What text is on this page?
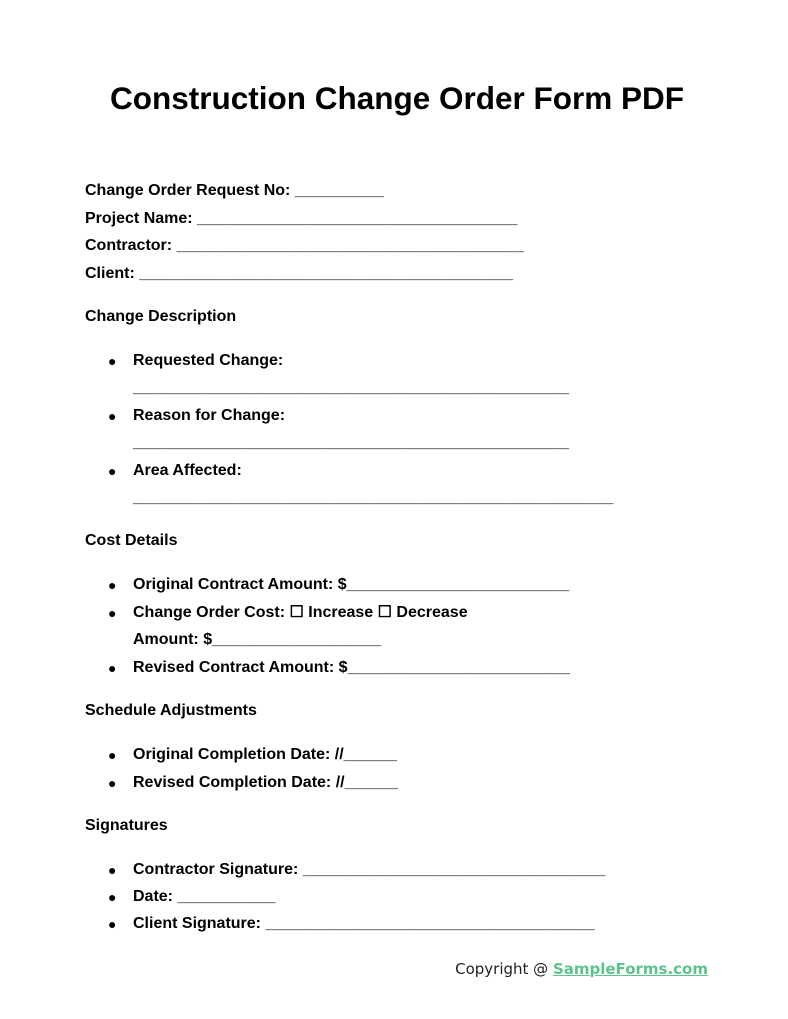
Construction Change Order Form PDF
Change Order Request No: __________
Project Name: ____________________________________
Contractor: _______________________________________
Client: __________________________________________
Change Description
● Requested Change:
_________________________________________________
● Reason for Change:
_________________________________________________
● Area Affected:
______________________________________________________
Cost Details
● Original Contract Amount: $_________________________
● Change Order Cost: ☐ Increase ☐ Decrease
Amount: $___________________
● Revised Contract Amount: $_________________________
Schedule Adjustments
● Original Completion Date: //______
● Revised Completion Date: //______
Signatures
● Contractor Signature: __________________________________
● Date: ___________
● Client Signature: _____________________________________
Copyright @ SampleForms.com
